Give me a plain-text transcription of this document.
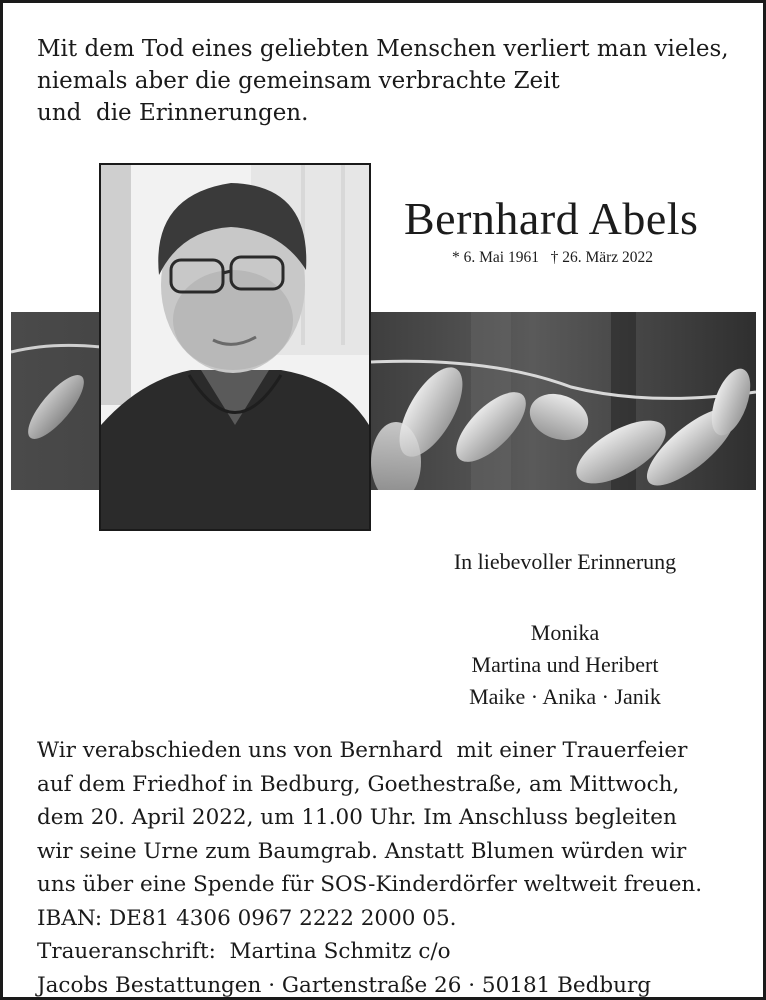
Mit dem Tod eines geliebten Menschen verliert man vieles,
niemals aber die gemeinsam verbrachte Zeit
und  die Erinnerungen.
Bernhard Abels
* 6. Mai 1961   † 26. März 2022
In liebevoller Erinnerung
Monika
Martina und Heribert
Maike · Anika · Janik
Wir verabschieden uns von Bernhard  mit einer Trauerfeier
auf dem Friedhof in Bedburg, Goethestraße, am Mittwoch,
dem 20. April 2022, um 11.00 Uhr. Im Anschluss begleiten
wir seine Urne zum Baumgrab. Anstatt Blumen würden wir
uns über eine Spende für SOS-Kinderdörfer weltweit freuen.
IBAN: DE81 4306 0967 2222 2000 05.
Traueranschrift:  Martina Schmitz c/o
Jacobs Bestattungen · Gartenstraße 26 · 50181 Bedburg
